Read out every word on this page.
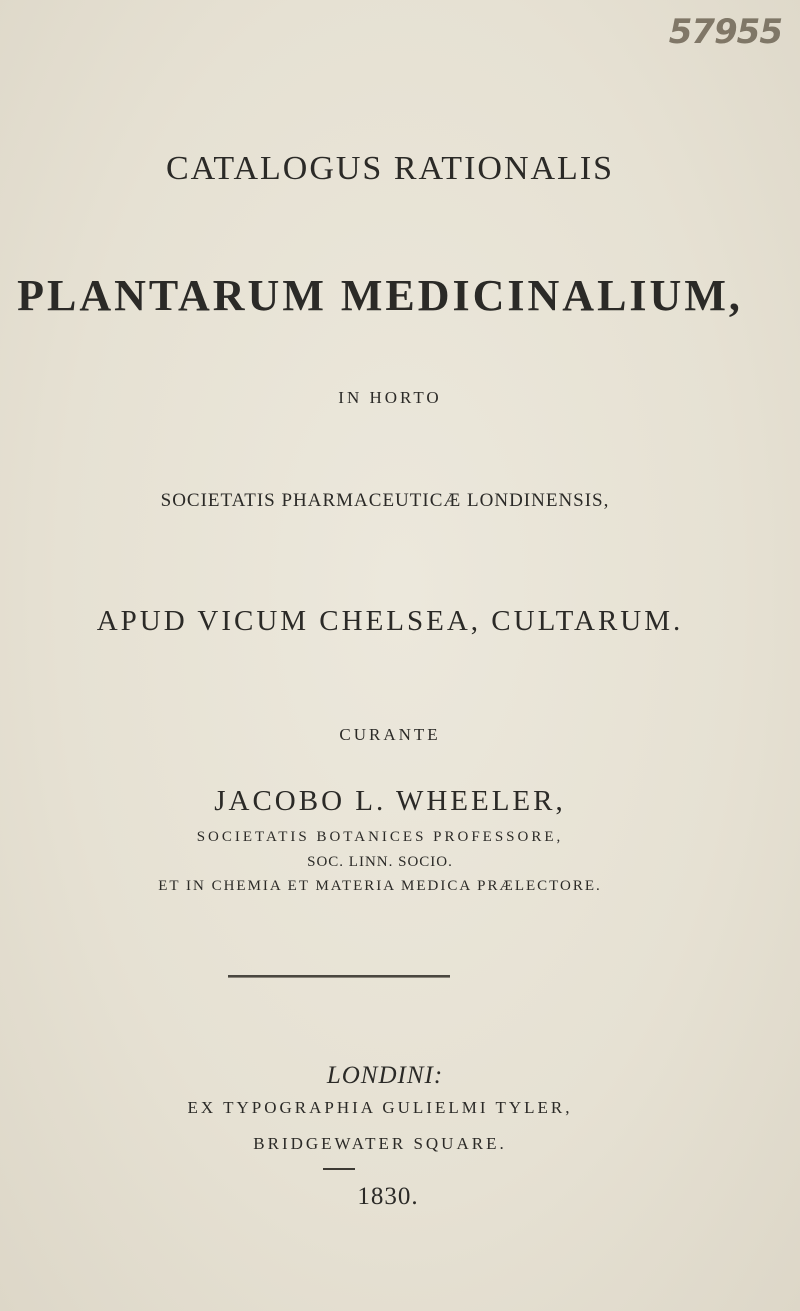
57955
CATALOGUS RATIONALIS
PLANTARUM MEDICINALIUM,
IN HORTO
SOCIETATIS PHARMACEUTICÆ LONDINENSIS,
APUD VICUM CHELSEA, CULTARUM.
CURANTE
JACOBO L. WHEELER,
SOCIETATIS BOTANICES PROFESSORE,
SOC. LINN. SOCIO.
ET IN CHEMIA ET MATERIA MEDICA PRÆLECTORE.
LONDINI:
EX TYPOGRAPHIA GULIELMI TYLER,
BRIDGEWATER SQUARE.
1830.
